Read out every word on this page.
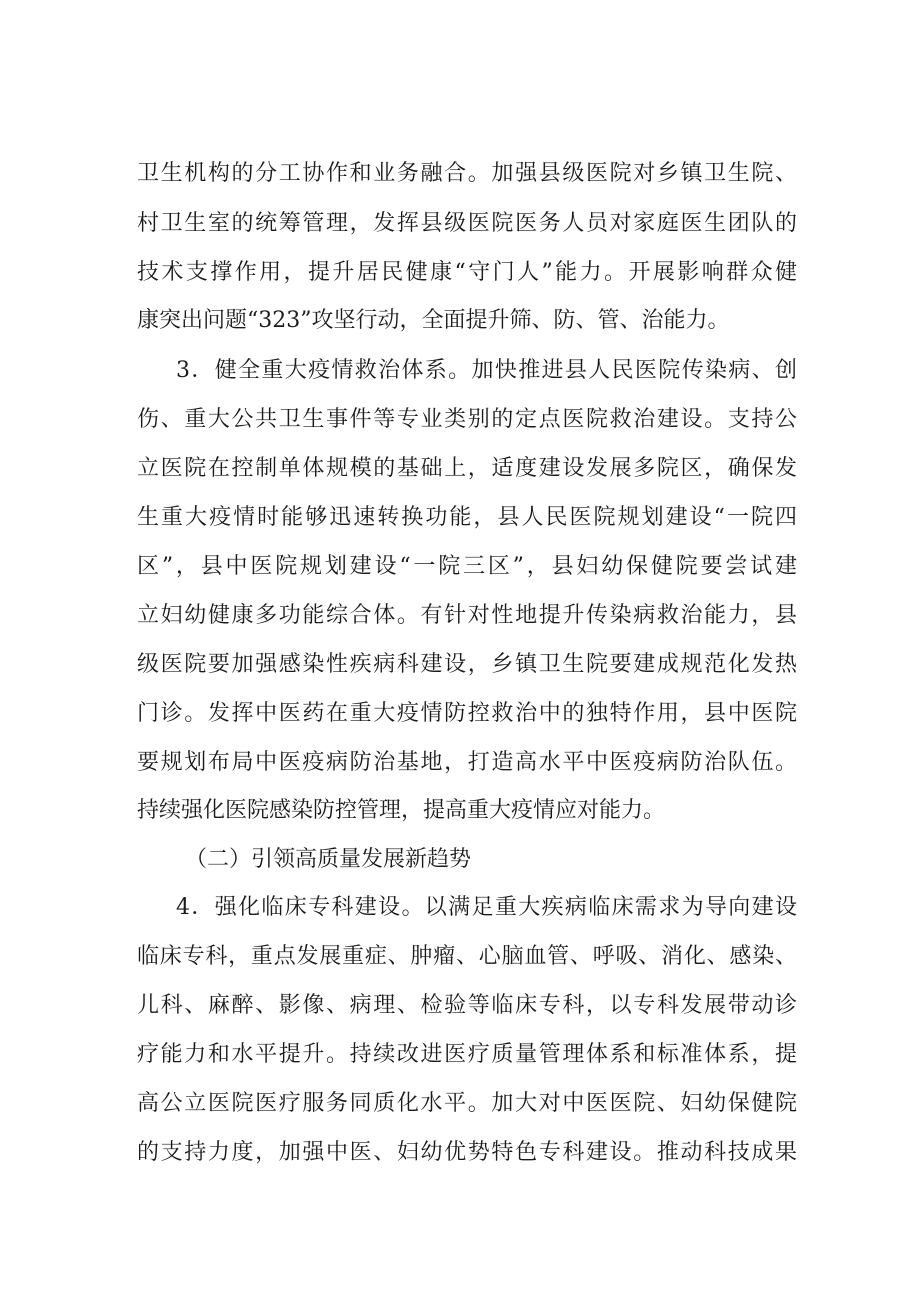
卫生机构的分工协作和业务融合。加强县级医院对乡镇卫生院、
村卫生室的统筹管理，发挥县级医院医务人员对家庭医生团队的
技术支撑作用，提升居民健康“守门人”能力。开展影响群众健
康突出问题“323”攻坚行动，全面提升筛、防、管、治能力。
3．健全重大疫情救治体系。加快推进县人民医院传染病、创
伤、重大公共卫生事件等专业类别的定点医院救治建设。支持公
立医院在控制单体规模的基础上，适度建设发展多院区，确保发
生重大疫情时能够迅速转换功能，县人民医院规划建设“一院四
区”，县中医院规划建设“一院三区”，县妇幼保健院要尝试建
立妇幼健康多功能综合体。有针对性地提升传染病救治能力，县
级医院要加强感染性疾病科建设，乡镇卫生院要建成规范化发热
门诊。发挥中医药在重大疫情防控救治中的独特作用，县中医院
要规划布局中医疫病防治基地，打造高水平中医疫病防治队伍。
持续强化医院感染防控管理，提高重大疫情应对能力。
（二）引领高质量发展新趋势
4．强化临床专科建设。以满足重大疾病临床需求为导向建设
临床专科，重点发展重症、肿瘤、心脑血管、呼吸、消化、感染、
儿科、麻醉、影像、病理、检验等临床专科，以专科发展带动诊
疗能力和水平提升。持续改进医疗质量管理体系和标准体系，提
高公立医院医疗服务同质化水平。加大对中医医院、妇幼保健院
的支持力度，加强中医、妇幼优势特色专科建设。推动科技成果
